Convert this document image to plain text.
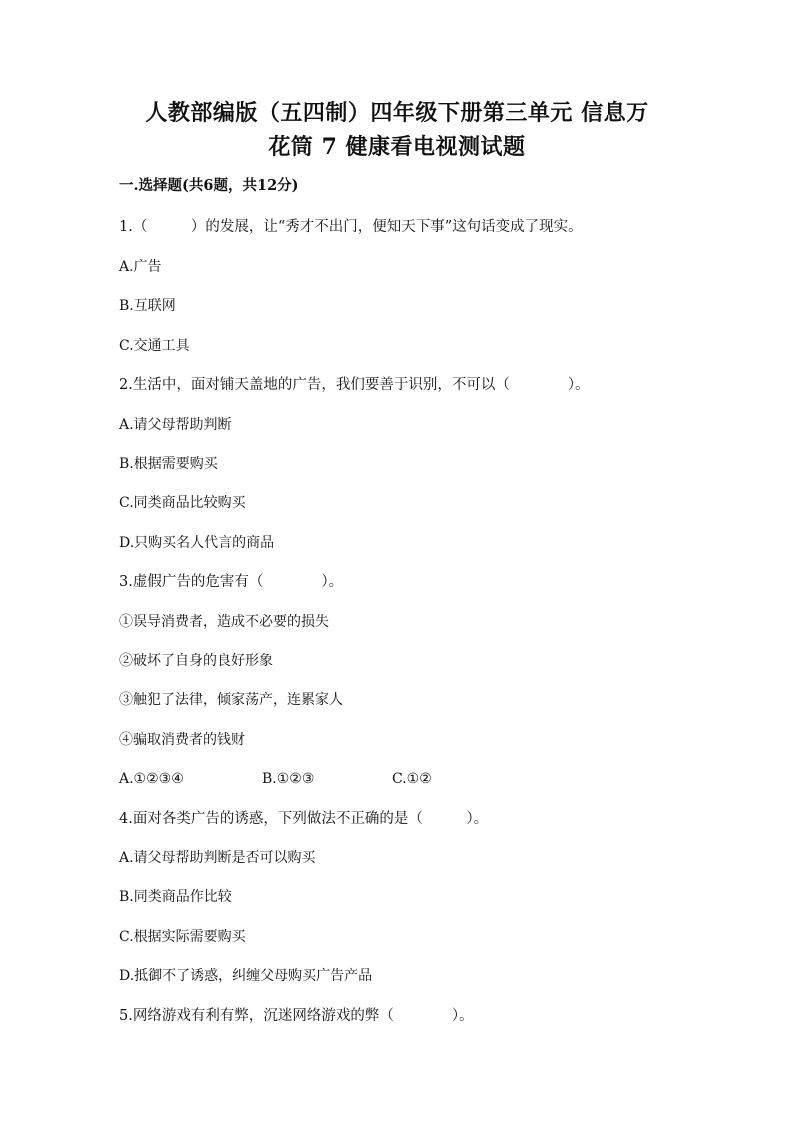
人教部编版（五四制）四年级下册第三单元 信息万
花筒 7 健康看电视测试题
一.选择题(共6题，共12分)
1.（　　　）的发展，让“秀才不出门，便知天下事”这句话变成了现实。
A.广告
B.互联网
C.交通工具
2.生活中，面对铺天盖地的广告，我们要善于识别，不可以（　　　　）。
A.请父母帮助判断
B.根据需要购买
C.同类商品比较购买
D.只购买名人代言的商品
3.虚假广告的危害有（　　　　）。
①误导消费者，造成不必要的损失
②破坏了自身的良好形象
③触犯了法律，倾家荡产，连累家人
④骗取消费者的钱财
A.①②③④	B.①②③	C.①②
4.面对各类广告的诱惑，下列做法不正确的是（　　　）。
A.请父母帮助判断是否可以购买
B.同类商品作比较
C.根据实际需要购买
D.抵御不了诱惑，纠缠父母购买广告产品
5.网络游戏有利有弊，沉迷网络游戏的弊（　　　　）。
